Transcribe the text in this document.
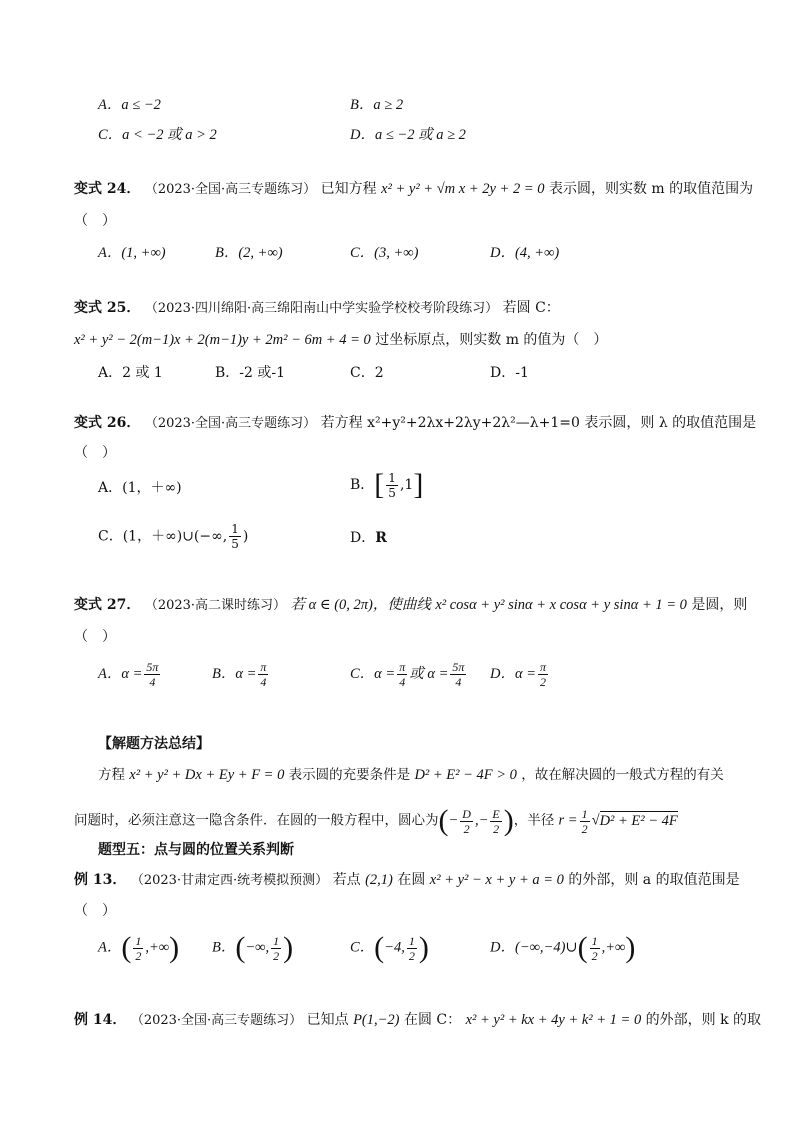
A．a ≤ −2	B．a ≥ 2
C．a < −2 或 a > 2	D．a ≤ −2 或 a ≥ 2
变式 24． （2023·全国·高三专题练习） 已知方程 x² + y² + √m x + 2y + 2 = 0 表示圆，则实数 m 的取值范围为
（　）
A．(1, +∞)	B．(2, +∞)	C．(3, +∞)	D．(4, +∞)
变式 25． （2023·四川绵阳·高三绵阳南山中学实验学校校考阶段练习） 若圆 C：
x² + y² − 2(m−1)x + 2(m−1)y + 2m² − 6m + 4 = 0 过坐标原点，则实数 m 的值为（　）
A．2 或 1	B．-2 或-1	C．2	D．-1
变式 26． （2023·全国·高三专题练习） 若方程 x²+y²+2λx+2λy+2λ²—λ+1=0 表示圆，则 λ 的取值范围是
（　）
A．(1，＋∞)	B．[ $\frac{1}{5} ,1$]
C．(1，＋∞)∪(−∞, $\frac{1}{5}$ )	D．R
变式 27． （2023·高二课时练习） 若 α ∈ (0, 2π)，使曲线 x² cosα + y² sinα + x cosα + y sinα + 1 = 0 是圆，则
（　）
A．$\alpha = \frac{5\pi}{4}$	B．$\alpha = \frac{\pi}{4}$	C．$\alpha = \frac{\pi}{4}$ 或 $\alpha = \frac{5\pi}{4}$ D．$\alpha = \frac{\pi}{2}$
【解题方法总结】
方程 x² + y² + Dx + Ey + F = 0 表示圆的充要条件是 D² + E² − 4F > 0 ，故在解决圆的一般式方程的有关
问题时，必须注意这一隐含条件．在圆的一般方程中，圆心为(− $\frac{D}{2}$ ,− $\frac{E}{2}$ )，半径 $r = \frac{1}{2} √D^2 + E^2 - 4F$
题型五：点与圆的位置关系判断
例 13． （2023·甘肃定西·统考模拟预测） 若点 (2,1) 在圆 x² + y² − x + y + a = 0 的外部，则 a 的取值范围是
（　）
A．( $\frac{1}{2}$ ,+∞) B．(−∞, $\frac{1}{2}$ )	C．(−4, $\frac{1}{2}$ )	D．(−∞,−4)∪( $\frac{1}{2}$ ,+∞)
例 14． （2023·全国·高三专题练习） 已知点 P(1,−2) 在圆 C： x² + y² + kx + 4y + k² + 1 = 0 的外部，则 k 的取
